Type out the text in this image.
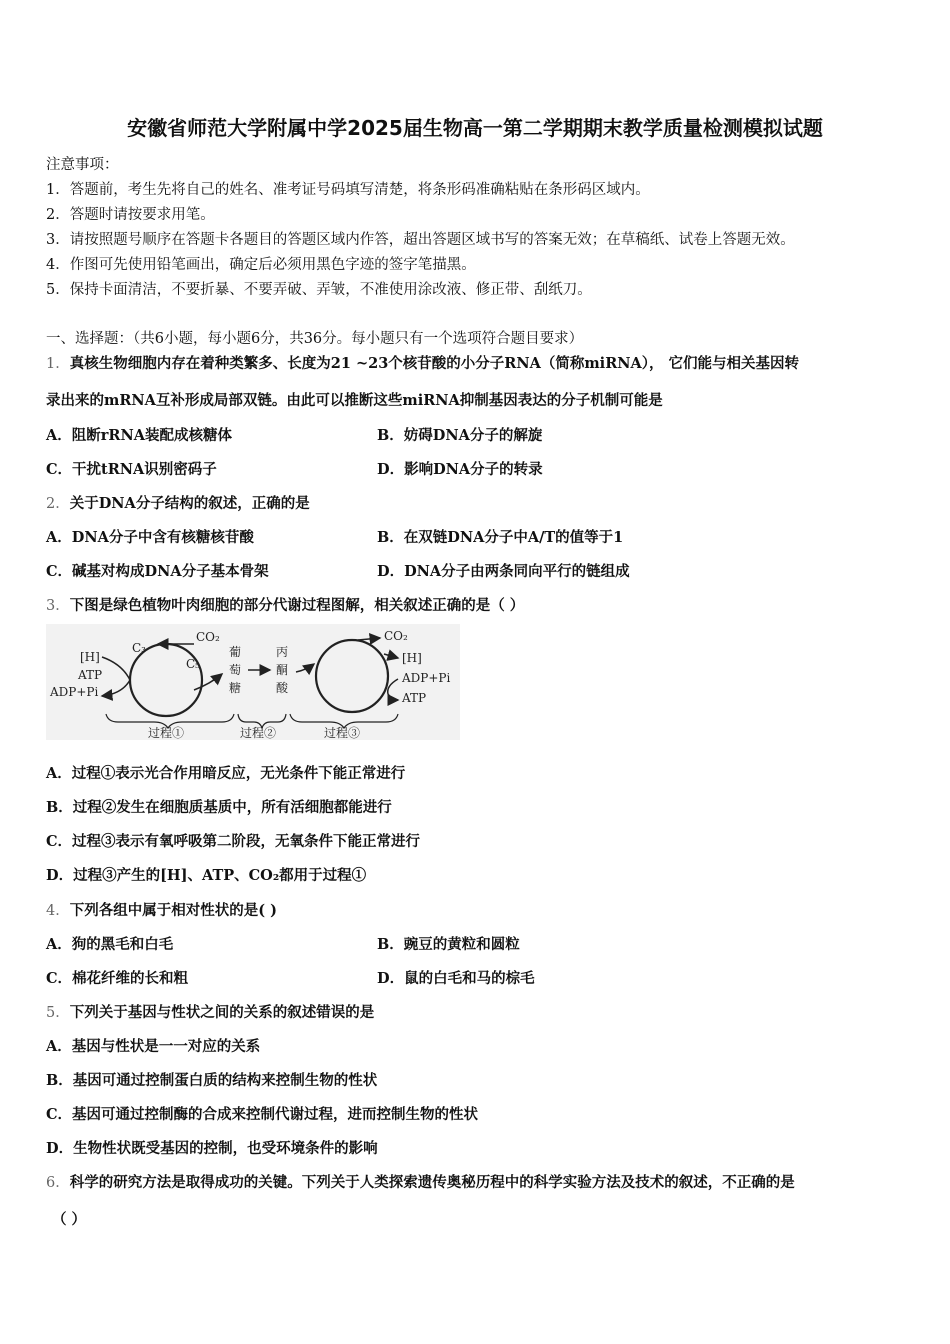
安徽省师范大学附属中学2025届生物高一第二学期期末教学质量检测模拟试题
注意事项：
1．答题前，考生先将自己的姓名、准考证号码填写清楚，将条形码准确粘贴在条形码区域内。
2．答题时请按要求用笔。
3．请按照题号顺序在答题卡各题目的答题区域内作答，超出答题区域书写的答案无效；在草稿纸、试卷上答题无效。
4．作图可先使用铅笔画出，确定后必须用黑色字迹的签字笔描黑。
5．保持卡面清洁，不要折暴、不要弄破、弄皱，不准使用涂改液、修正带、刮纸刀。
一、选择题：（共6小题，每小题6分，共36分。每小题只有一个选项符合题目要求）
1．真核生物细胞内存在着种类繁多、长度为21 ~23个核苷酸的小分子RNA（简称miRNA）， 它们能与相关基因转
录出来的mRNA互补形成局部双链。由此可以推断这些miRNA抑制基因表达的分子机制可能是
A．阻断rRNA装配成核糖体	B．妨碍DNA分子的解旋
C．干扰tRNA识别密码子	D．影响DNA分子的转录
2．关于DNA分子结构的叙述，正确的是
A．DNA分子中含有核糖核苷酸	B．在双链DNA分子中A/T的值等于1
C．碱基对构成DNA分子基本骨架	D．DNA分子由两条同向平行的链组成
3．下图是绿色植物叶肉细胞的部分代谢过程图解，相关叙述正确的是（ ）
CO₂
C₃
C₅
[H]
ATP
ADP+Pi
葡
萄
糖
丙
酮
酸
CO₂
[H]
ADP+Pi
ATP
过程①	过程②	过程③
A．过程①表示光合作用暗反应，无光条件下能正常进行
B．过程②发生在细胞质基质中，所有活细胞都能进行
C．过程③表示有氧呼吸第二阶段，无氧条件下能正常进行
D．过程③产生的[H]、ATP、CO₂都用于过程①
4．下列各组中属于相对性状的是( )
A．狗的黑毛和白毛	B．豌豆的黄粒和圆粒
C．棉花纤维的长和粗	D．鼠的白毛和马的棕毛
5．下列关于基因与性状之间的关系的叙述错误的是
A．基因与性状是一一对应的关系
B．基因可通过控制蛋白质的结构来控制生物的性状
C．基因可通过控制酶的合成来控制代谢过程，进而控制生物的性状
D．生物性状既受基因的控制，也受环境条件的影响
6．科学的研究方法是取得成功的关键。下列关于人类探索遗传奥秘历程中的科学实验方法及技术的叙述，不正确的是
（ ）
